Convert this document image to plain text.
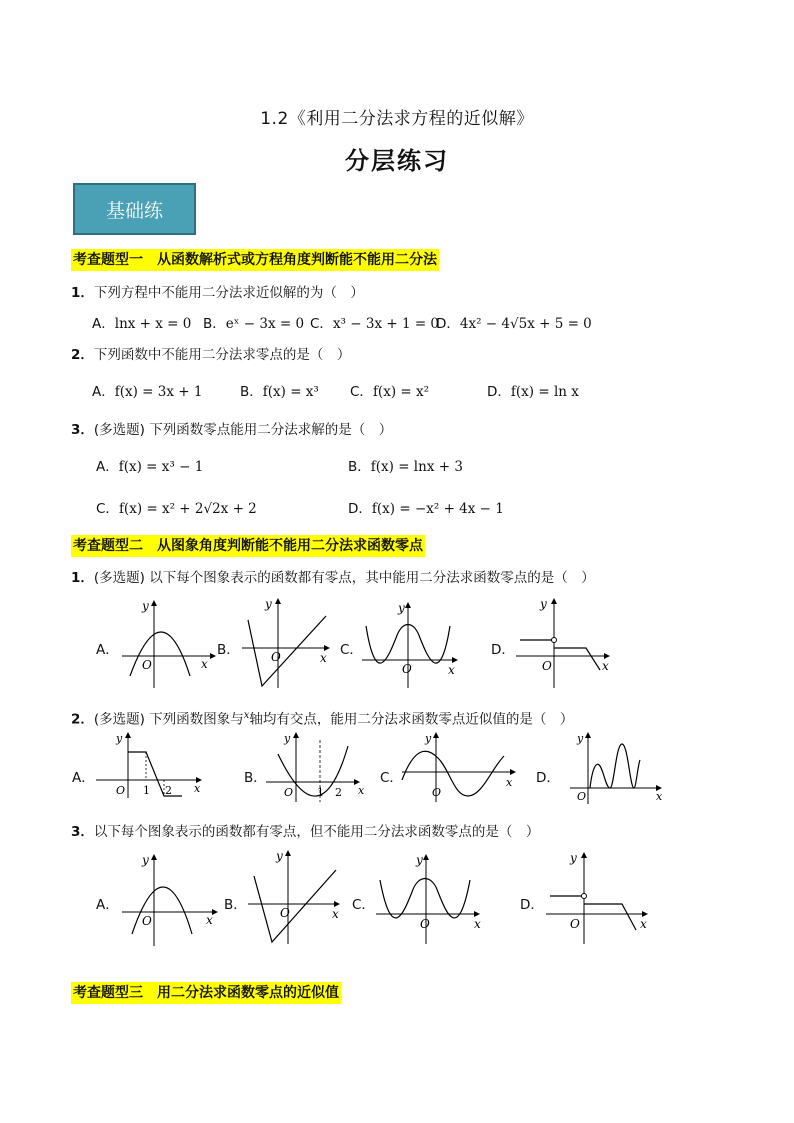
1.2《利用二分法求方程的近似解》
分层练习
基础练
考查题型一　从函数解析式或方程角度判断能不能用二分法
1．下列方程中不能用二分法求近似解的为（　）
A．lnx + x = 0 B．eˣ − 3x = 0 C．x³ − 3x + 1 = 0
D．4x² − 4√5x + 5 = 0
2．下列函数中不能用二分法求零点的是（　）
A．f(x) = 3x + 1	B．f(x) = x³ C．f(x) = x²	D．f(x) = ln x
3．(多选题) 下列函数零点能用二分法求解的是（　）
A．f(x) = x³ − 1	B．f(x) = lnx + 3
C．f(x) = x² + 2√2x + 2	D．f(x) = −x² + 4x − 1
考查题型二　从图象角度判断能不能用二分法求函数零点
1．(多选题) 以下每个图象表示的函数都有零点，其中能用二分法求函数零点的是（　）
A．
y
O	x
B．
y
O	x C．
y
O	x
D．
y
O	x
2．(多选题) 下列函数图象与$^x$轴均有交点，能用二分法求函数零点近似值的是（　）
A．
y
O 1 2 x
B．
y
O 1 2 x
C．
y
O
x D．
y
O	x
3．以下每个图象表示的函数都有零点，但不能用二分法求函数零点的是（　）
A．
y
O	x
B．
y
O	x
C．
y
O	x
D．
y
O	x
考查题型三　用二分法求函数零点的近似值
